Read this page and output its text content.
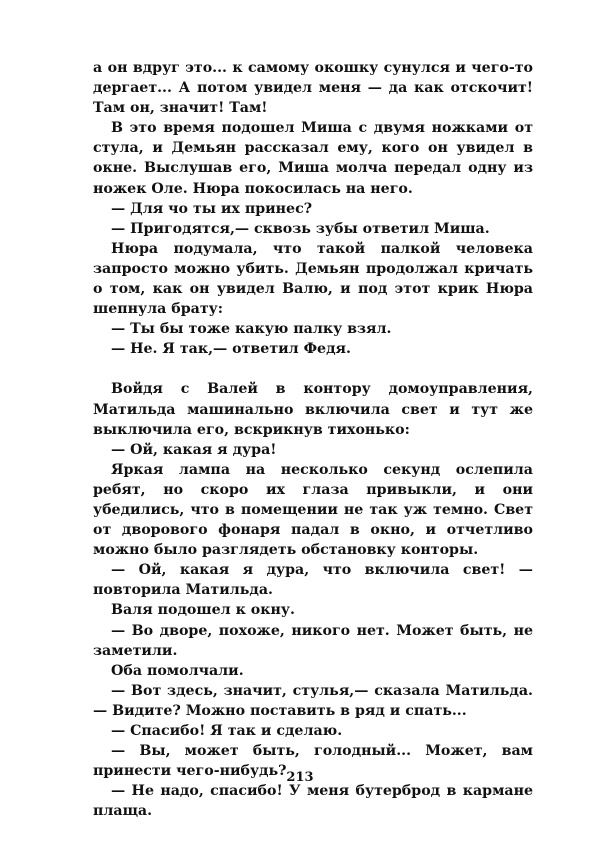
а он вдруг это... к самому окошку сунулся и чего-то дергает... А потом увидел меня — да как отскочит! Там он, значит! Там!

В это время подошел Миша с двумя ножками от стула, и Демьян рассказал ему, кого он увидел в окне. Выслушав его, Миша молча передал одну из ножек Оле. Нюра покосилась на него.

— Для чо ты их принес?

— Пригодятся,— сквозь зубы ответил Миша.

Нюра подумала, что такой палкой человека запросто можно убить. Демьян продолжал кричать о том, как он увидел Валю, и под этот крик Нюра шепнула брату:

— Ты бы тоже какую палку взял.

— Не. Я так,— ответил Федя.

Войдя с Валей в контору домоуправления, Матильда машинально включила свет и тут же выключила его, вскрикнув тихонько:

— Ой, какая я дура!

Яркая лампа на несколько секунд ослепила ребят, но скоро их глаза привыкли, и они убедились, что в помещении не так уж темно. Свет от дворового фонаря падал в окно, и отчетливо можно было разглядеть обстановку конторы.

— Ой, какая я дура, что включила свет! — повторила Матильда.

Валя подошел к окну.

— Во дворе, похоже, никого нет. Может быть, не заметили.

Оба помолчали.

— Вот здесь, значит, стулья,— сказала Матильда.— Видите? Можно поставить в ряд и спать...

— Спасибо! Я так и сделаю.

— Вы, может быть, голодный... Может, вам принести чего-нибудь?

— Не надо, спасибо! У меня бутерброд в кармане плаща.

213
